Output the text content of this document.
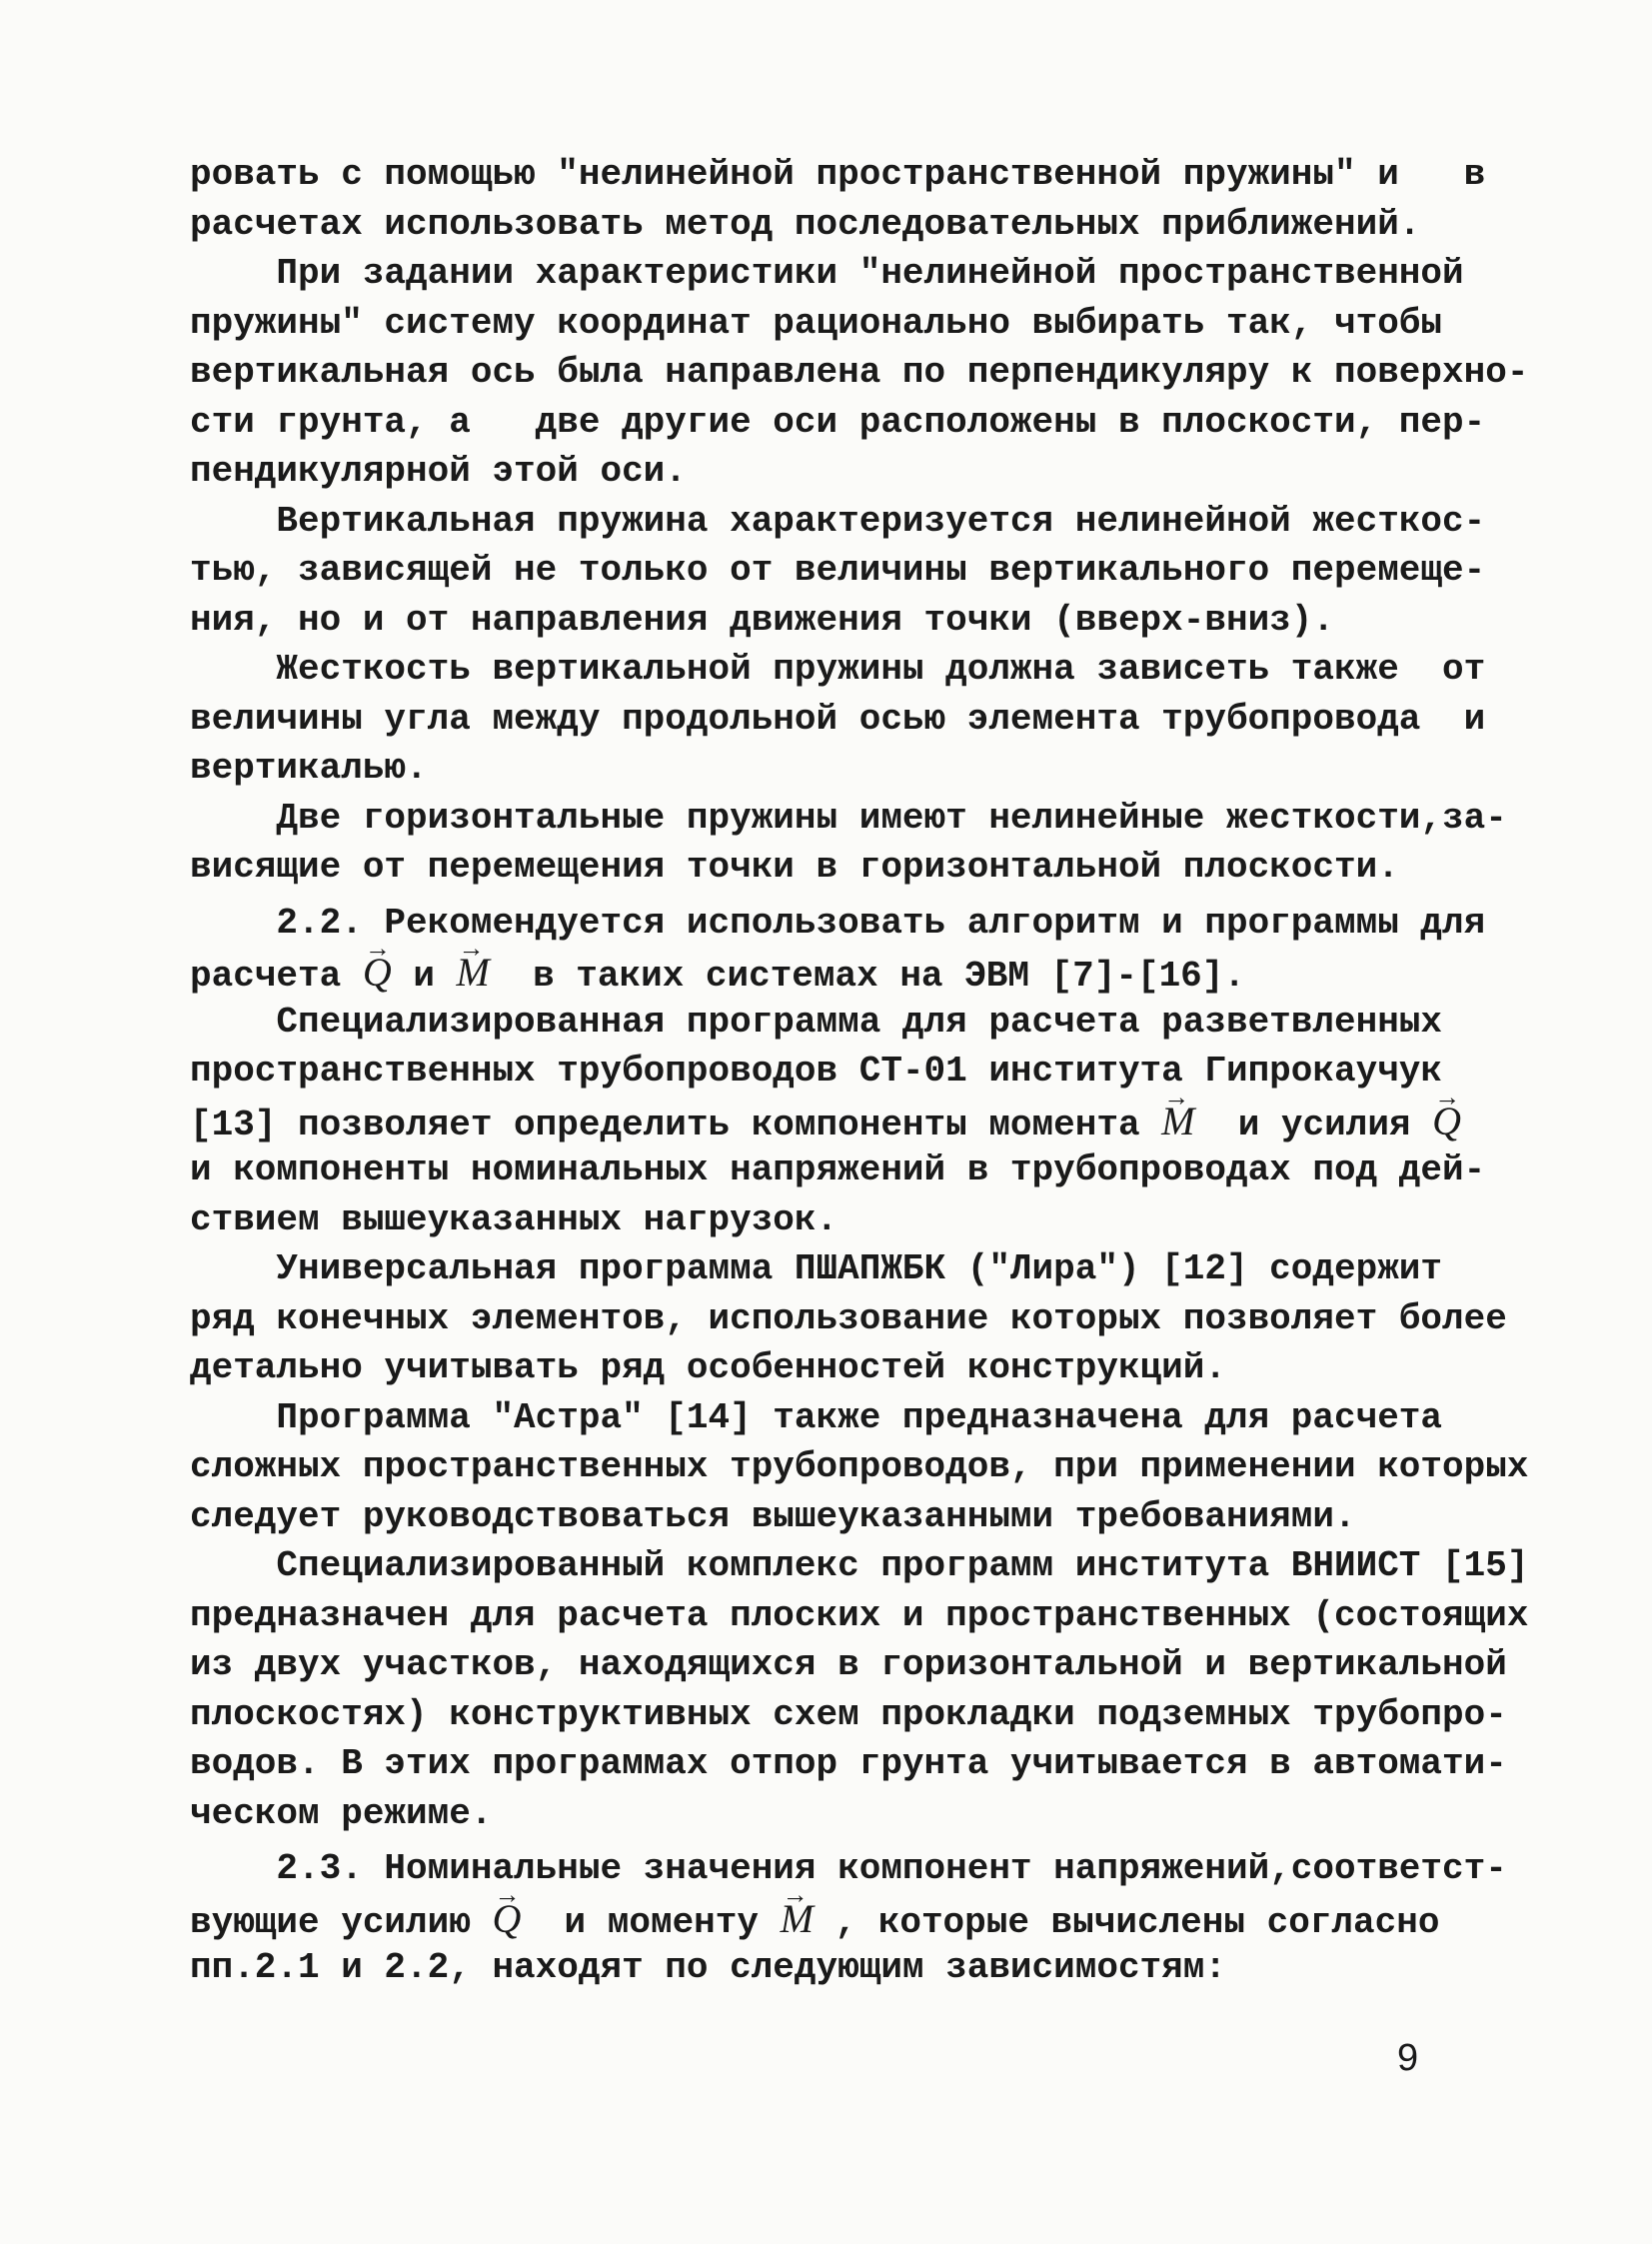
ровать с помощью "нелинейной пространственной пружины" и   в
расчетах использовать метод последовательных приближений.
При задании характеристики "нелинейной пространственной
пружины" систему координат рационально выбирать так, чтобы
вертикальная ось была направлена по перпендикуляру к поверхно-
сти грунта, а   две другие оси расположены в плоскости, пер-
пендикулярной этой оси.
Вертикальная пружина характеризуется нелинейной жесткос-
тью, зависящей не только от величины вертикального перемеще-
ния, но и от направления движения точки (вверх-вниз).
Жесткость вертикальной пружины должна зависеть также  от
величины угла между продольной осью элемента трубопровода  и
вертикалью.
Две горизонтальные пружины имеют нелинейные жесткости,за-
висящие от перемещения точки в горизонтальной плоскости.
2.2. Рекомендуется использовать алгоритм и программы для
расчета → Q и → M  в таких системах на ЭВМ [7]-[16].
Специализированная программа для расчета разветвленных
пространственных трубопроводов СТ-01 института Гипрокаучук
[13] позволяет определить компоненты момента → M  и усилия → Q
и компоненты номинальных напряжений в трубопроводах под дей-
ствием вышеуказанных нагрузок.
Универсальная программа ПШАПЖБК ("Лира") [12] содержит
ряд конечных элементов, использование которых позволяет более
детально учитывать ряд особенностей конструкций.
Программа "Астра" [14] также предназначена для расчета
сложных пространственных трубопроводов, при применении которых
следует руководствоваться вышеуказанными требованиями.
Специализированный комплекс программ института ВНИИСТ [15]
предназначен для расчета плоских и пространственных (состоящих
из двух участков, находящихся в горизонтальной и вертикальной
плоскостях) конструктивных схем прокладки подземных трубопро-
водов. В этих программах отпор грунта учитывается в автомати-
ческом режиме.
2.3. Номинальные значения компонент напряжений,соответст-
вующие усилию → Q  и моменту → M , которые вычислены согласно
пп.2.1 и 2.2, находят по следующим зависимостям:
9
